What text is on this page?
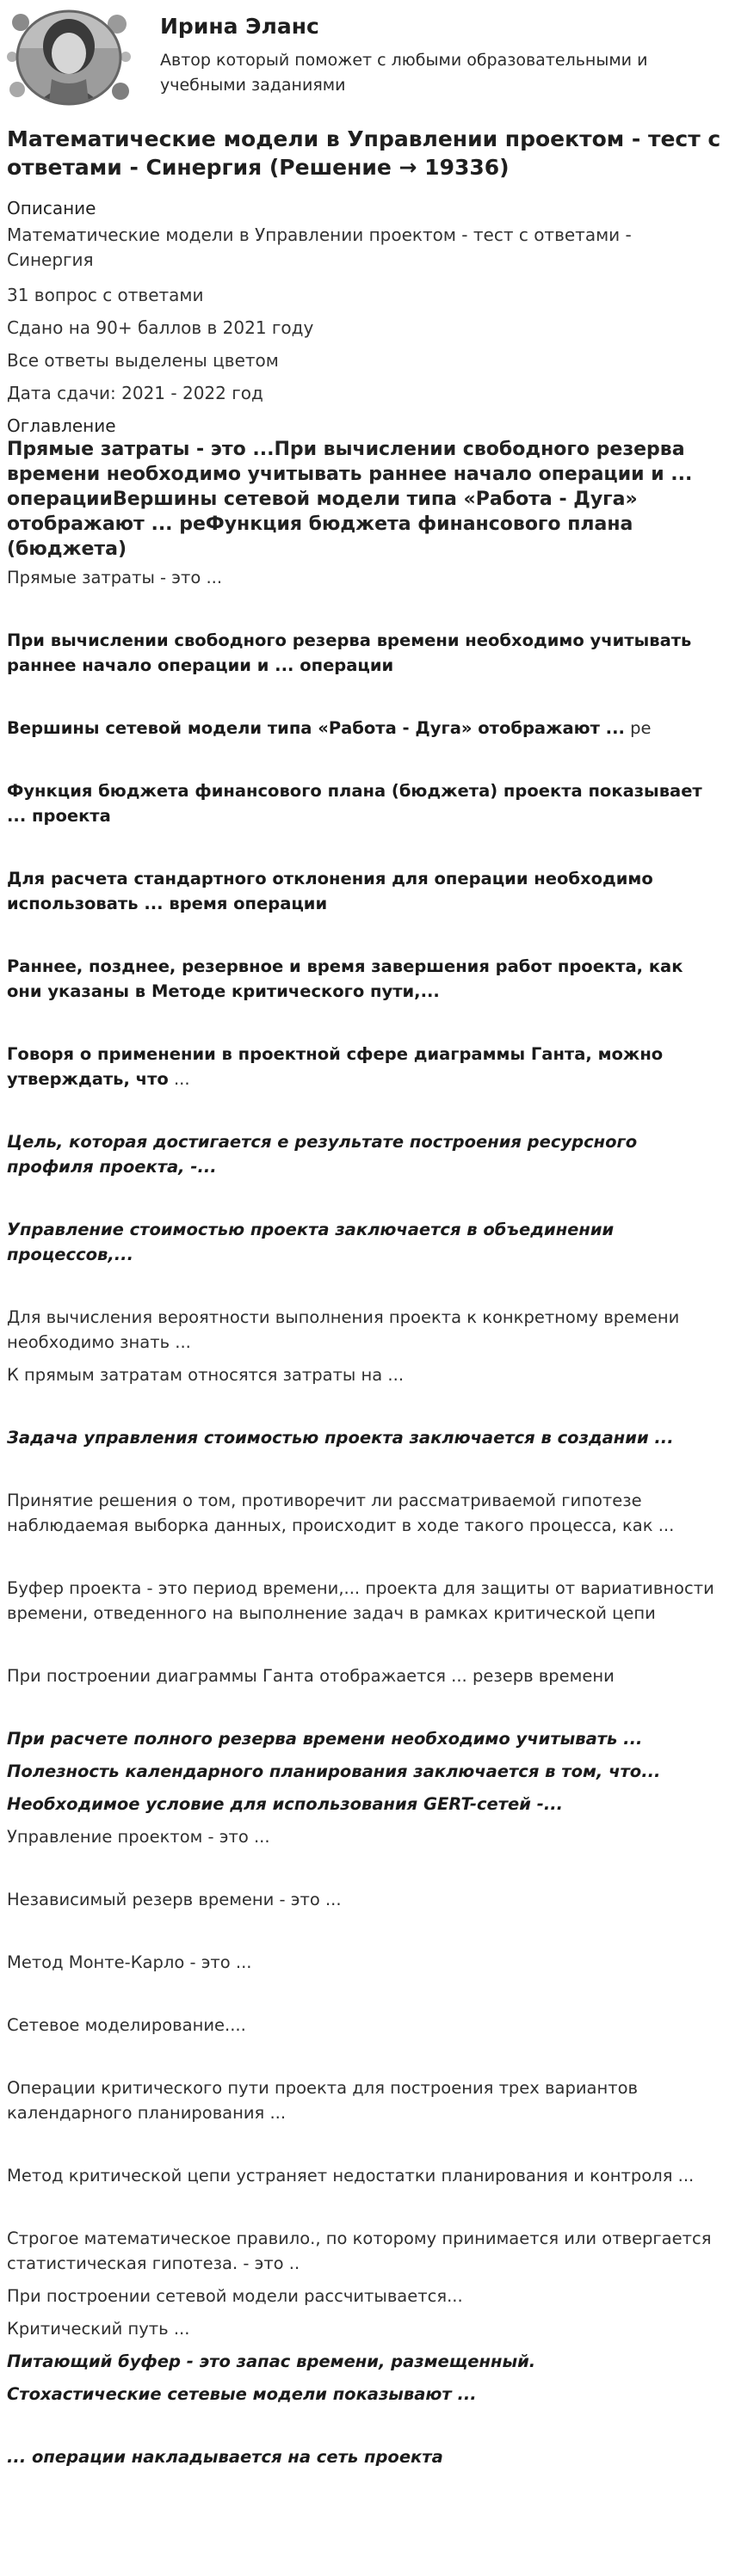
Ирина Эланс
Автор который поможет с любыми образовательными и учебными заданиями
Математические модели в Управлении проектом - тест с ответами - Синергия (Решение → 19336)
Описание
Математические модели в Управлении проектом - тест с ответами - Синергия
31 вопрос с ответами
Сдано на 90+ баллов в 2021 году
Все ответы выделены цветом
Дата сдачи: 2021 - 2022 год
Оглавление
Прямые затраты - это ...При вычислении свободного резерва времени необходимо учитывать раннее начало операции и ... операцииВершины сетевой модели типа «Работа - Дуга» отображают ... реФункция бюджета финансового плана (бюджета)
Прямые затраты - это ...
При вычислении свободного резерва времени необходимо учитывать раннее начало операции и ... операции
Вершины сетевой модели типа «Работа - Дуга» отображают ... ре
Функция бюджета финансового плана (бюджета) проекта показывает ... проекта
Для расчета стандартного отклонения для операции необходимо использовать ... время операции
Раннее, позднее, резервное и время завершения работ проекта, как они указаны в Методе критического пути,...
Говоря о применении в проектной сфере диаграммы Ганта, можно утверждать, что ...
Цель, которая достигается е результате построения ресурсного профиля проекта, -...
Управление стоимостью проекта заключается в объединении процессов,...
Для вычисления вероятности выполнения проекта к конкретному времени необходимо знать ...
К прямым затратам относятся затраты на ...
Задача управления стоимостью проекта заключается в создании ...
Принятие решения о том, противоречит ли рассматриваемой гипотезе наблюдаемая выборка данных, происходит в ходе такого процесса, как ...
Буфер проекта - это период времени,... проекта для защиты от вариативности времени, отведенного на выполнение задач в рамках критической цепи
При построении диаграммы Ганта отображается ... резерв времени
При расчете полного резерва времени необходимо учитывать ...
Полезность календарного планирования заключается в том, что...
Необходимое условие для использования GERT-сетей -...
Управление проектом - это ...
Независимый резерв времени - это ...
Метод Монте-Карло - это ...
Сетевое моделирование....
Операции критического пути проекта для построения трех вариантов календарного планирования ...
Метод критической цепи устраняет недостатки планирования и контроля ...
Строгое математическое правило., по которому принимается или отвергается статистическая гипотеза. - это ..
При построении сетевой модели рассчитывается...
Критический путь ...
Питающий буфер - это запас времени, размещенный.
Стохастические сетевые модели показывают ...
... операции накладывается на сеть проекта
